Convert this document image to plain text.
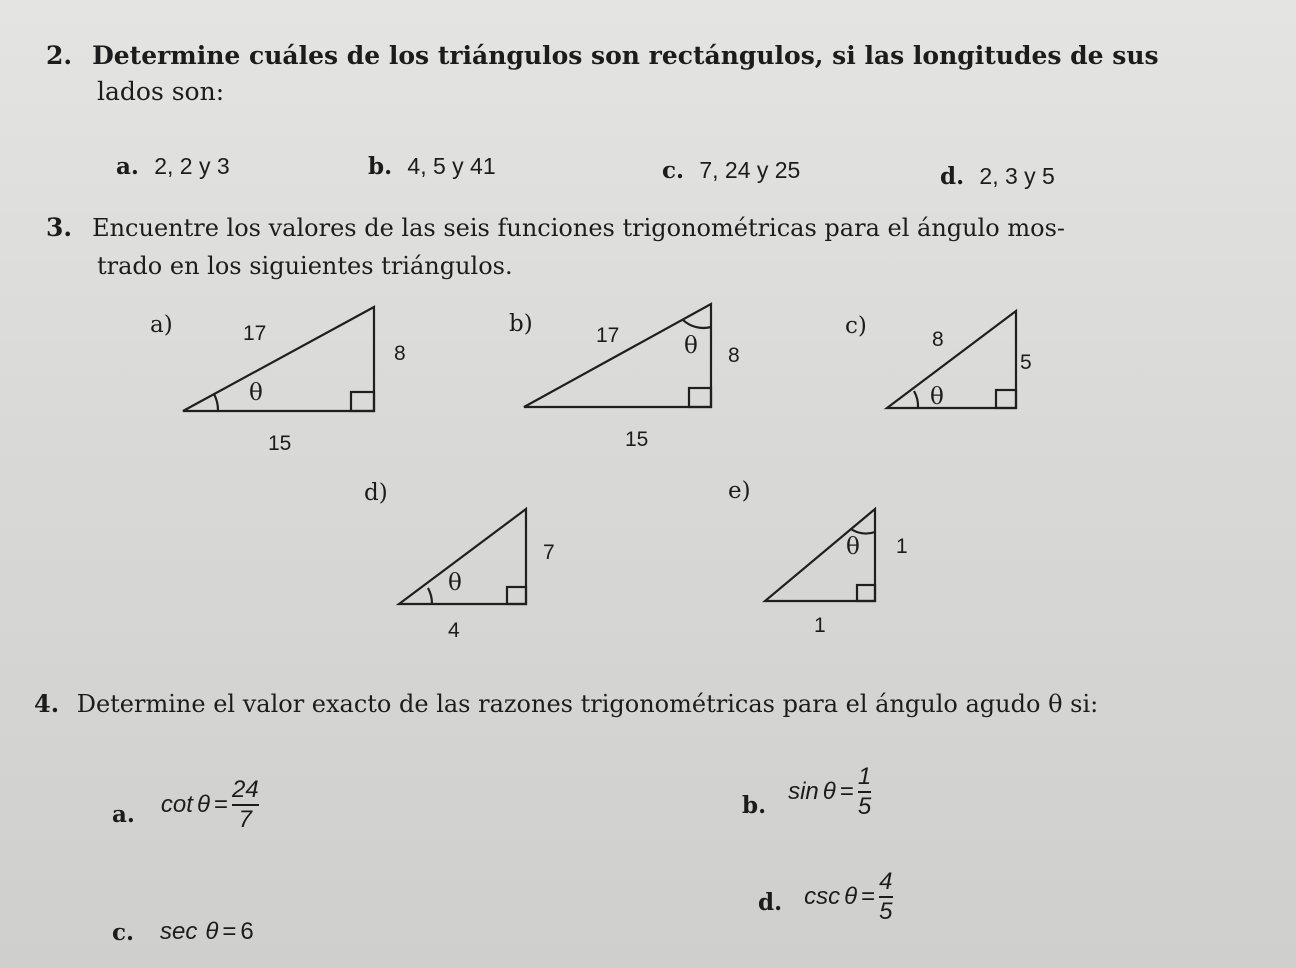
2. Determine cuáles de los triángulos son rectángulos, si las longitudes de sus
lados son:
a. 2, 2 y 3	b. 4, 5 y 41	c. 7, 24 y 25	d. 2, 3 y 5
3. Encuentre los valores de las seis funciones trigonométricas para el ángulo mos-
trado en los siguientes triángulos.
a)	17
8
θ
15
b)	17	θ 8
15
c)
8
5
θ
d)
7
θ
4
e)
θ 1
1
4. Determine el valor exacto de las razones trigonométricas para el ángulo agudo θ si:
a. $\cot \theta = \frac{24}{7}$	b. $\sin \theta = \frac{1}{5}$
c. sec θ = 6
d. $\csc \theta = \frac{4}{5}$
